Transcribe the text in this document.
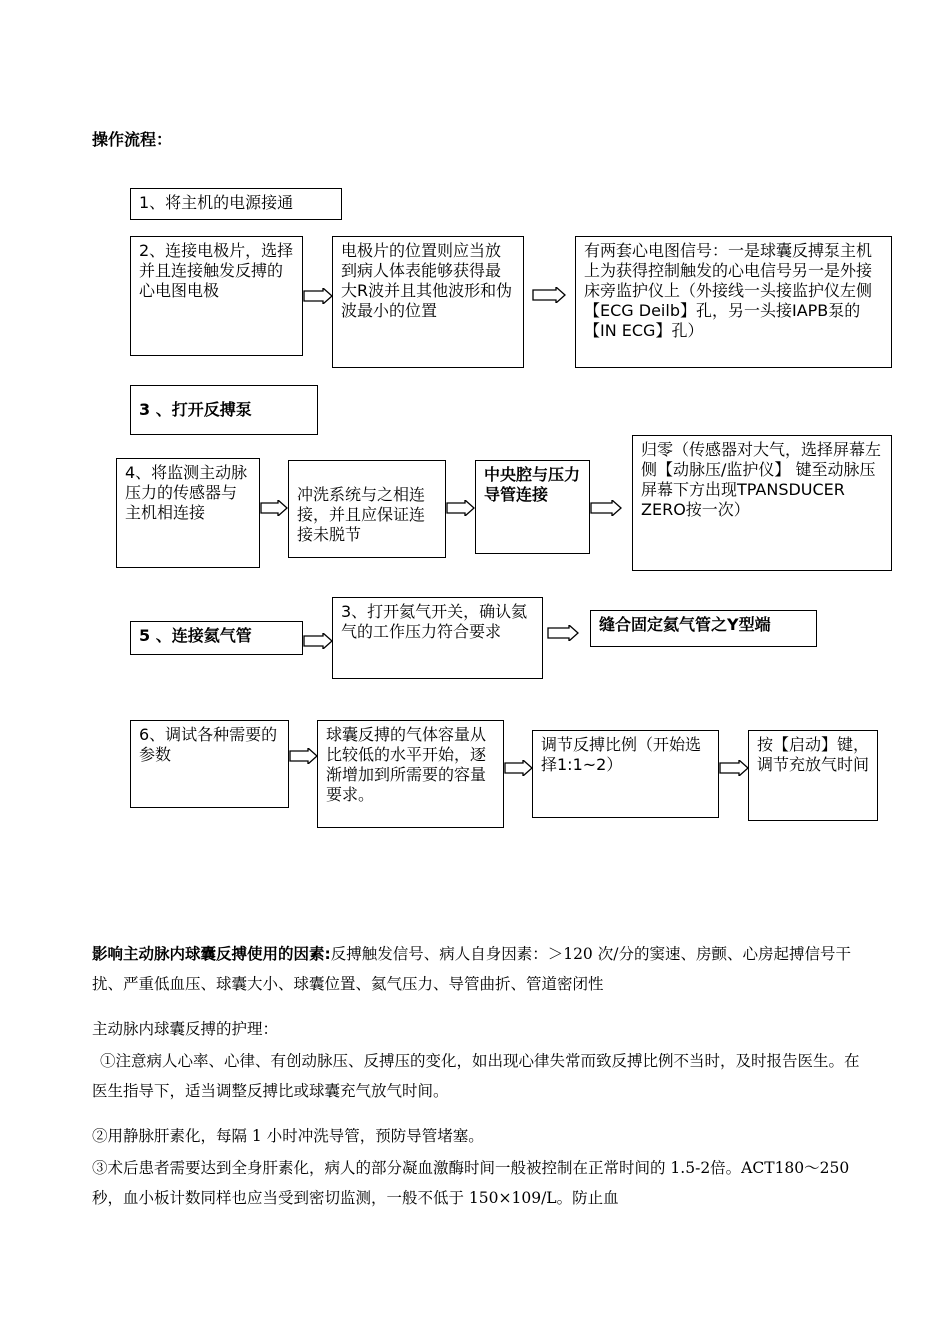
操作流程：
1、将主机的电源接通
2、连接电极片，选择并且连接触发反搏的心电图电极
电极片的位置则应当放到病人体表能够获得最大R波并且其他波形和伪波最小的位置
有两套心电图信号：一是球囊反搏泵主机上为获得控制触发的心电信号另一是外接床旁监护仪上（外接线一头接监护仪左侧【ECG Deilb】孔，另一头接IAPB泵的【IN ECG】孔）
3 、打开反搏泵
4、将监测主动脉压力的传感器与主机相连接
冲洗系统与之相连接，并且应保证连接未脱节
中央腔与压力导管连接
归零（传感器对大气，选择屏幕左侧【动脉压/监护仪】 键至动脉压屏幕下方出现TPANSDUCER ZERO按一次）
5 、连接氦气管
3、打开氦气开关，确认氦气的工作压力符合要求	缝合固定氦气管之Y型端
6、调试各种需要的参数
球囊反搏的气体容量从比较低的水平开始，逐渐增加到所需要的容量要求。
调节反搏比例（开始选择1:1~2）
按【启动】键，调节充放气时间
影响主动脉内球囊反搏使用的因素:反搏触发信号、病人自身因素：＞120 次/分的窦速、房颤、心房起搏信号干扰、严重低血压、球囊大小、球囊位置、氦气压力、导管曲折、管道密闭性
主动脉内球囊反搏的护理：
①注意病人心率、心律、有创动脉压、反搏压的变化，如出现心律失常而致反搏比例不当时，及时报告医生。在医生指导下，适当调整反搏比或球囊充气放气时间。
②用静脉肝素化，每隔 1 小时冲洗导管，预防导管堵塞。
③术后患者需要达到全身肝素化，病人的部分凝血激酶时间一般被控制在正常时间的 1.5-2倍。ACT180～250 秒，血小板计数同样也应当受到密切监测，一般不低于 150×109/L。防止血
